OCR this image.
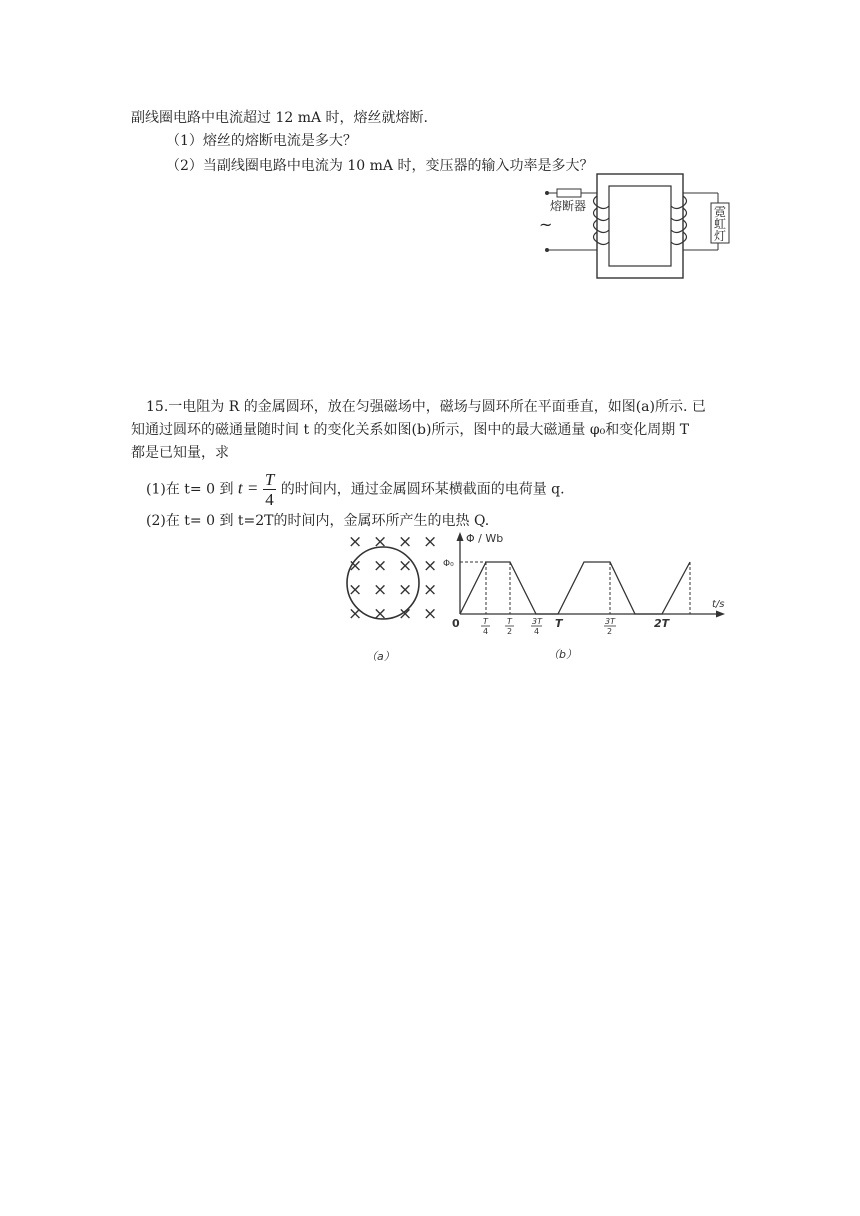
副线圈电路中电流超过 12 mA 时，熔丝就熔断.
（1）熔丝的熔断电流是多大？
（2）当副线圈电路中电流为 10 mA 时，变压器的输入功率是多大？
熔断器
~
霓
虹
灯
15.一电阻为 R 的金属圆环，放在匀强磁场中，磁场与圆环所在平面垂直，如图(a)所示. 已
知通过圆环的磁通量随时间 t 的变化关系如图(b)所示，图中的最大磁通量 φ₀和变化周期 T
都是已知量，求
(1)在 t= 0 到 $t = \frac{T}{4}$ 的时间内，通过金属圆环某横截面的电荷量 q.
(2)在 t= 0 到 t=2T的时间内，金属环所产生的电热 Q.
× × × ×
× × × ×
× × × ×
× × × ×
（a）
Φ / Wb
t/s
Φ₀
0	T
4
T
2
3T
4
T	3T
2
2T
（b）
